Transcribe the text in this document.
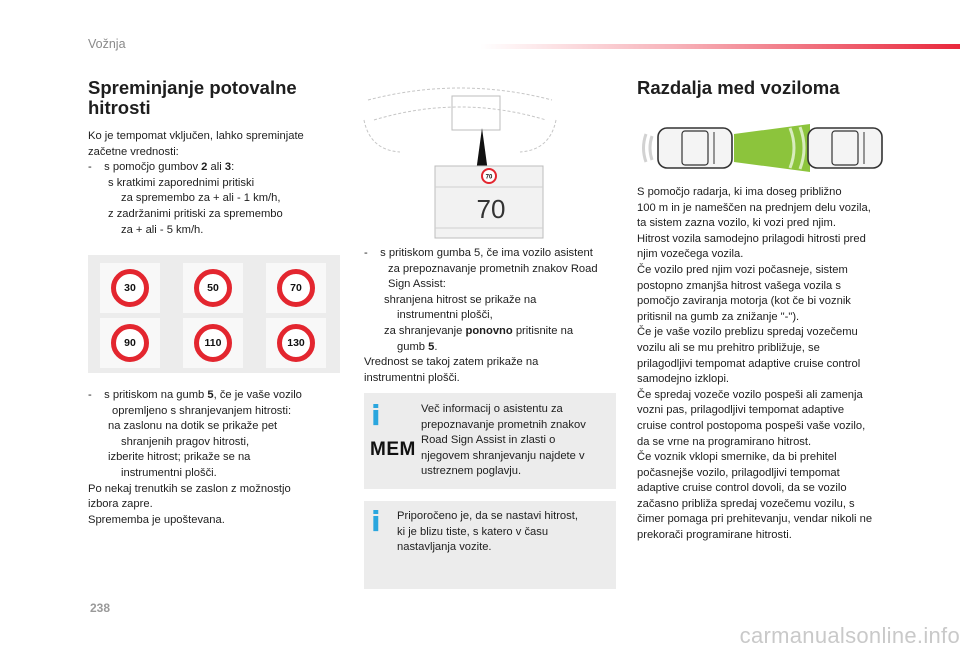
Vožnja
Spreminjanje potovalne
hitrosti
Ko je tempomat vključen, lahko spreminjate
začetne vrednosti:
-    s pomočjo gumbov 2 ali 3:
s kratkimi zaporednimi pritiski
za spremembo za + ali - 1 km/h,
z zadržanimi pritiski za spremembo
za + ali - 5 km/h.
30	50	70
90	110	130
-    s pritiskom na gumb 5, če je vaše vozilo
opremljeno s shranjevanjem hitrosti:
na zaslonu na dotik se prikaže pet
shranjenih pragov hitrosti,
izberite hitrost; prikaže se na
instrumentni plošči.
Po nekaj trenutkih se zaslon z možnostjo
izbora zapre.
Sprememba je upoštevana.
70
70
-    s pritiskom gumba 5, če ima vozilo asistent
za prepoznavanje prometnih znakov Road
Sign Assist:
shranjena hitrost se prikaže na
instrumentni plošči,
za shranjevanje ponovno pritisnite na
gumb 5.
Vrednost se takoj zatem prikaže na
instrumentni plošči.
i
MEM
Več informacij o asistentu za
prepoznavanje prometnih znakov
Road Sign Assist in zlasti o
njegovem shranjevanju najdete v
ustreznem poglavju.
i Priporočeno je, da se nastavi hitrost,
ki je blizu tiste, s katero v času
nastavljanja vozite.
Razdalja med voziloma
S pomočjo radarja, ki ima doseg približno
100 m in je nameščen na prednjem delu vozila,
ta sistem zazna vozilo, ki vozi pred njim.
Hitrost vozila samodejno prilagodi hitrosti pred
njim vozečega vozila.
Če vozilo pred njim vozi počasneje, sistem
postopno zmanjša hitrost vašega vozila s
pomočjo zaviranja motorja (kot če bi voznik
pritisnil na gumb za znižanje "-").
Če je vaše vozilo preblizu spredaj vozečemu
vozilu ali se mu prehitro približuje, se
prilagodljivi tempomat adaptive cruise control
samodejno izklopi.
Če spredaj vozeče vozilo pospeši ali zamenja
vozni pas, prilagodljivi tempomat adaptive
cruise control postopoma pospeši vaše vozilo,
da se vrne na programirano hitrost.
Če voznik vklopi smernike, da bi prehitel
počasnejše vozilo, prilagodljivi tempomat
adaptive cruise control dovoli, da se vozilo
začasno približa spredaj vozečemu vozilu, s
čimer pomaga pri prehitevanju, vendar nikoli ne
prekorači programirane hitrosti.
238
carmanualsonline.info
